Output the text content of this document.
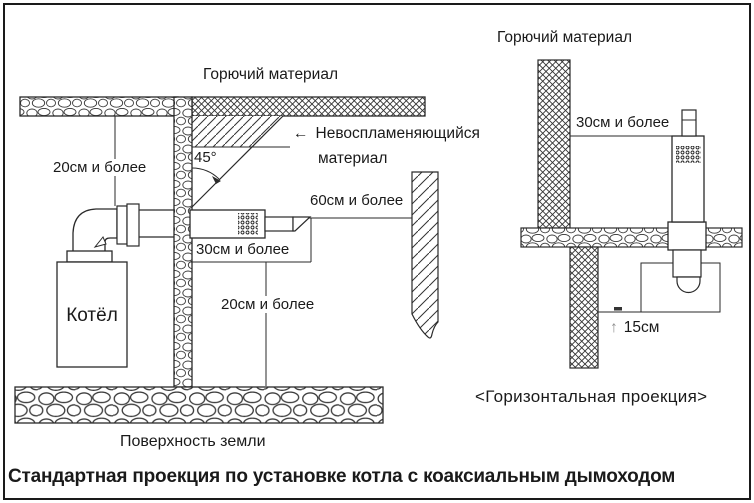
Горючий материал
20см и более
45°
← Невоспламеняющийся
материал
60см и более
30см и более
20см и более
Котёл
Поверхность земли
Горючий материал
30см и более
↑ 15см
<Горизонтальная проекция>
Стандартная проекция по установке котла с коаксиальным дымоходом
